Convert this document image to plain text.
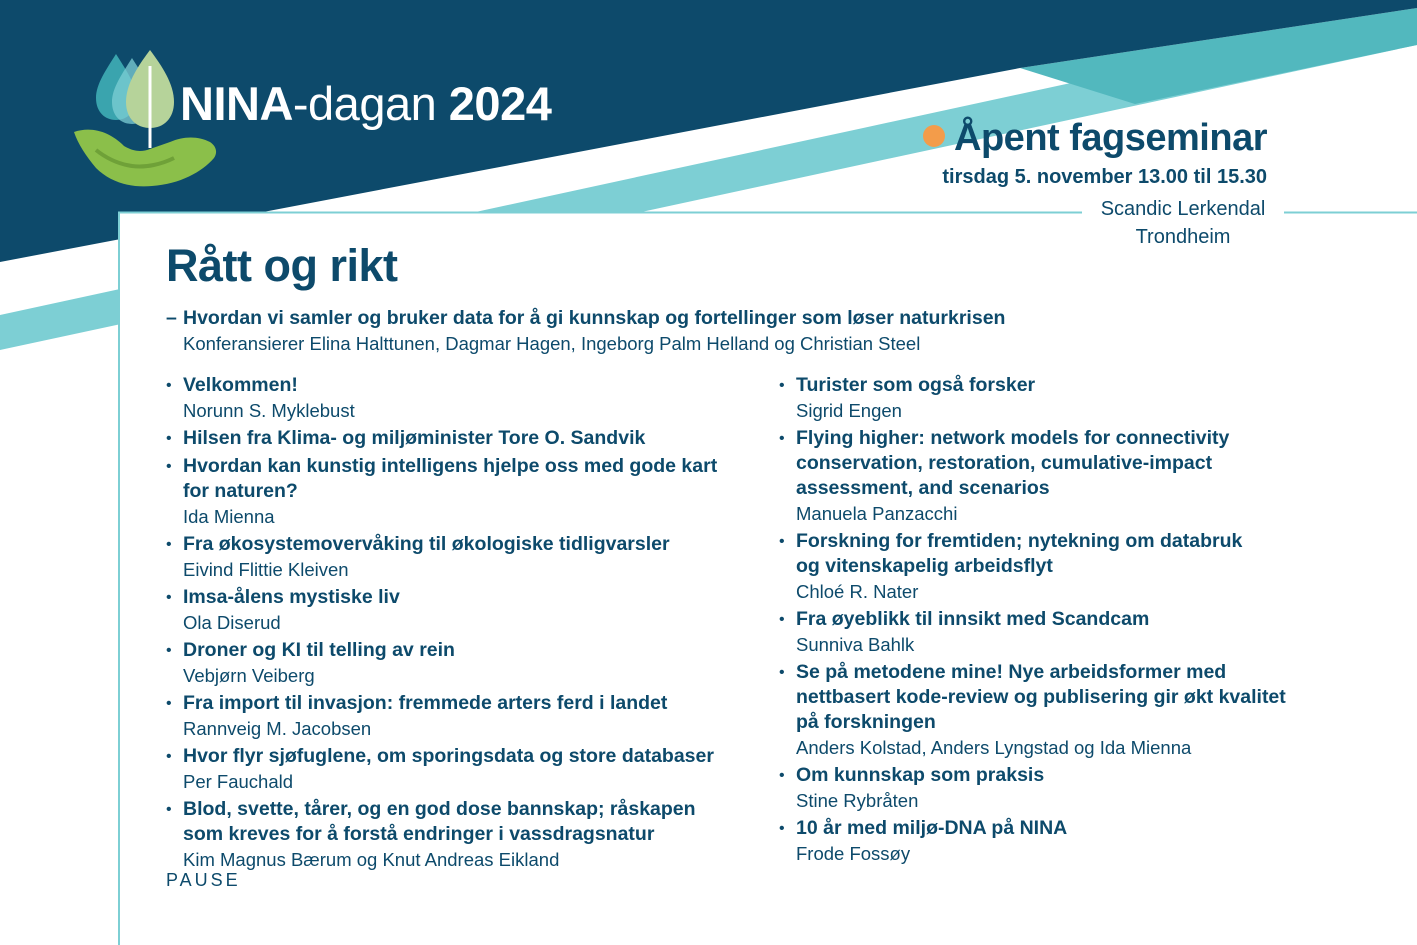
NINA-dagan 2024
Åpent fagseminar
tirsdag 5. november 13.00 til 15.30
Scandic Lerkendal
Trondheim
Rått og rikt
– Hvordan vi samler og bruker data for å gi kunnskap og fortellinger som løser naturkrisen
Konferansierer Elina Halttunen, Dagmar Hagen, Ingeborg Palm Helland og Christian Steel
• Velkommen!
Norunn S. Myklebust
• Hilsen fra Klima- og miljøminister Tore O. Sandvik
• Hvordan kan kunstig intelligens hjelpe oss med gode kart for naturen?
Ida Mienna
• Fra økosystemovervåking til økologiske tidligvarsler
Eivind Flittie Kleiven
• Imsa-ålens mystiske liv
Ola Diserud
• Droner og KI til telling av rein
Vebjørn Veiberg
• Fra import til invasjon: fremmede arters ferd i landet
Rannveig M. Jacobsen
• Hvor flyr sjøfuglene, om sporingsdata og store databaser
Per Fauchald
• Blod, svette, tårer, og en god dose bannskap; råskapen som kreves for å forstå endringer i vassdragsnatur
Kim Magnus Bærum og Knut Andreas Eikland
PAUSE
• Turister som også forsker
Sigrid Engen
• Flying higher: network models for connectivity conservation, restoration, cumulative-impact assessment, and scenarios
Manuela Panzacchi
• Forskning for fremtiden; nytekning om databruk og vitenskapelig arbeidsflyt
Chloé R. Nater
• Fra øyeblikk til innsikt med Scandcam
Sunniva Bahlk
• Se på metodene mine! Nye arbeidsformer med nettbasert kode-review og publisering gir økt kvalitet på forskningen
Anders Kolstad, Anders Lyngstad og Ida Mienna
• Om kunnskap som praksis
Stine Rybråten
• 10 år med miljø-DNA på NINA
Frode Fossøy
